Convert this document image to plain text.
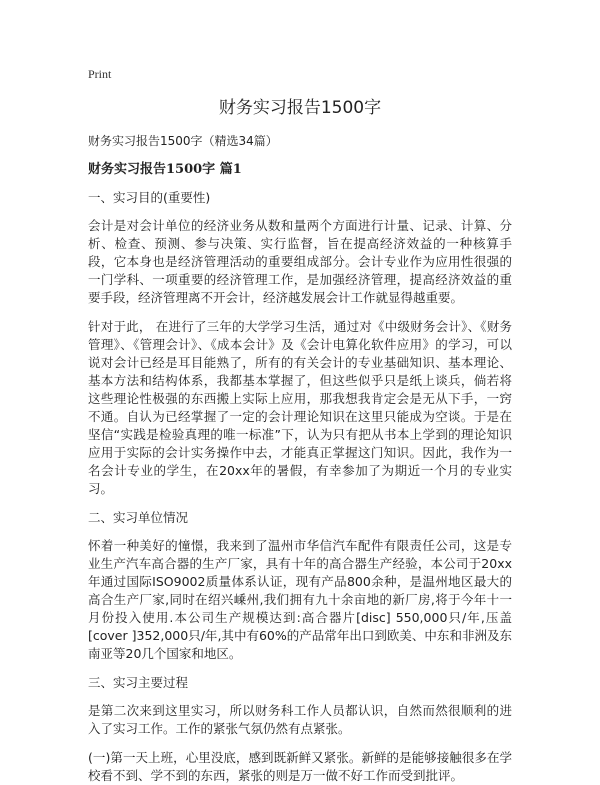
Print
财务实习报告1500字
财务实习报告1500字（精选34篇）
财务实习报告1500字 篇1
一、实习目的(重要性)

会计是对会计单位的经济业务从数和量两个方面进行计量、记录、计算、分析、检查、预测、参与决策、实行监督，旨在提高经济效益的一种核算手段，它本身也是经济管理活动的重要组成部分。会计专业作为应用性很强的一门学科、一项重要的经济管理工作，是加强经济管理，提高经济效益的重要手段，经济管理离不开会计，经济越发展会计工作就显得越重要。

针对于此， 在进行了三年的大学学习生活，通过对《中级财务会计》、《财务管理》、《管理会计》、《成本会计》及《会计电算化软件应用》的学习，可以说对会计已经是耳目能熟了，所有的有关会计的专业基础知识、基本理论、基本方法和结构体系，我都基本掌握了，但这些似乎只是纸上谈兵，倘若将这些理论性极强的东西搬上实际上应用，那我想我肯定会是无从下手，一窍不通。自认为已经掌握了一定的会计理论知识在这里只能成为空谈。于是在坚信“实践是检验真理的唯一标准”下，认为只有把从书本上学到的理论知识应用于实际的会计实务操作中去，才能真正掌握这门知识。因此，我作为一名会计专业的学生，在20xx年的暑假，有幸参加了为期近一个月的专业实习。

二、实习单位情况

怀着一种美好的憧憬，我来到了温州市华信汽车配件有限责任公司，这是专业生产汽车高合器的生产厂家，具有十年的高合器生产经验，本公司于20xx年通过国际ISO9002质量体系认证，现有产品800余种，是温州地区最大的高合生产厂家,同时在绍兴嵊州,我们拥有九十余亩地的新厂房,将于今年十一月份投入使用.本公司生产规模达到:高合器片[disc] 550,000只/年,压盖 [cover ]352,000只/年,其中有60%的产品常年出口到欧美、中东和非洲及东南亚等20几个国家和地区。

三、实习主要过程

是第二次来到这里实习，所以财务科工作人员都认识，自然而然很顺利的进入了实习工作。工作的紧张气氛仍然有点紧张。

(一)第一天上班，心里没底，感到既新鲜又紧张。新鲜的是能够接触很多在学校看不到、学不到的东西，紧张的则是万一做不好工作而受到批评。
